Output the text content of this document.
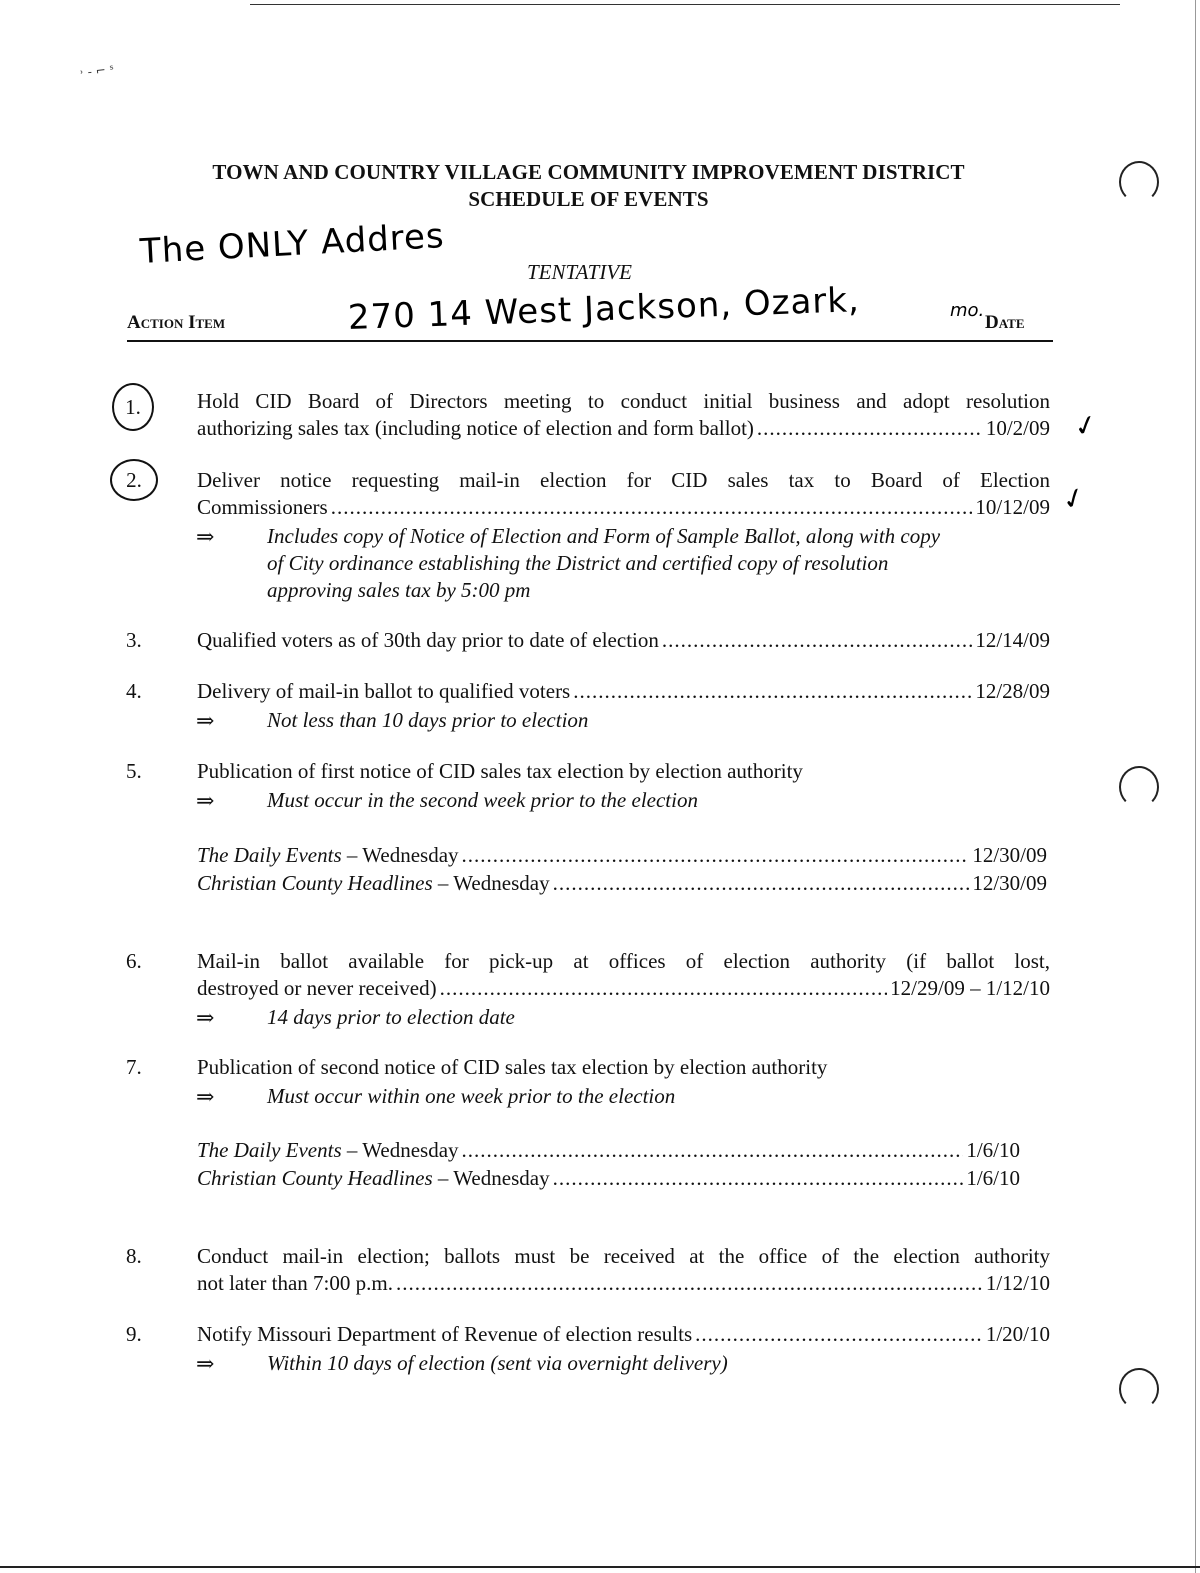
˒ - ⌐ ˢ
TOWN AND COUNTRY VILLAGE COMMUNITY IMPROVEMENT DISTRICT
SCHEDULE OF EVENTS
The ONLY Addres
TENTATIVE
270 14 West Jackson, Ozark,	mo.
Action Item	Date
1.	Hold CID Board of Directors meeting to conduct initial business and adopt resolution
authorizing sales tax (including notice of election and form ballot) .....	10/2/09 ✓
2.	Deliver notice requesting mail-in election for CID sales tax to Board of Election
Commissioners .....	10/12/09 ✓
⇒	Includes copy of Notice of Election and Form of Sample Ballot, along with copy
of City ordinance establishing the District and certified copy of resolution
approving sales tax by 5:00 pm
3.	Qualified voters as of 30th day prior to date of election .....	12/14/09
4.	Delivery of mail-in ballot to qualified voters .....	12/28/09
⇒	Not less than 10 days prior to election
5.	Publication of first notice of CID sales tax election by election authority
⇒	Must occur in the second week prior to the election
The Daily Events – Wednesday .....	12/30/09
Christian County Headlines – Wednesday .....	12/30/09
6.	Mail-in ballot available for pick-up at offices of election authority (if ballot lost,
destroyed or never received) .....	12/29/09 – 1/12/10
⇒	14 days prior to election date
7.	Publication of second notice of CID sales tax election by election authority
⇒	Must occur within one week prior to the election
The Daily Events – Wednesday .....	1/6/10
Christian County Headlines – Wednesday .....	1/6/10
8.	Conduct mail-in election; ballots must be received at the office of the election authority
not later than 7:00 p.m. .....	1/12/10
9.	Notify Missouri Department of Revenue of election results .....	1/20/10
⇒	Within 10 days of election (sent via overnight delivery)
